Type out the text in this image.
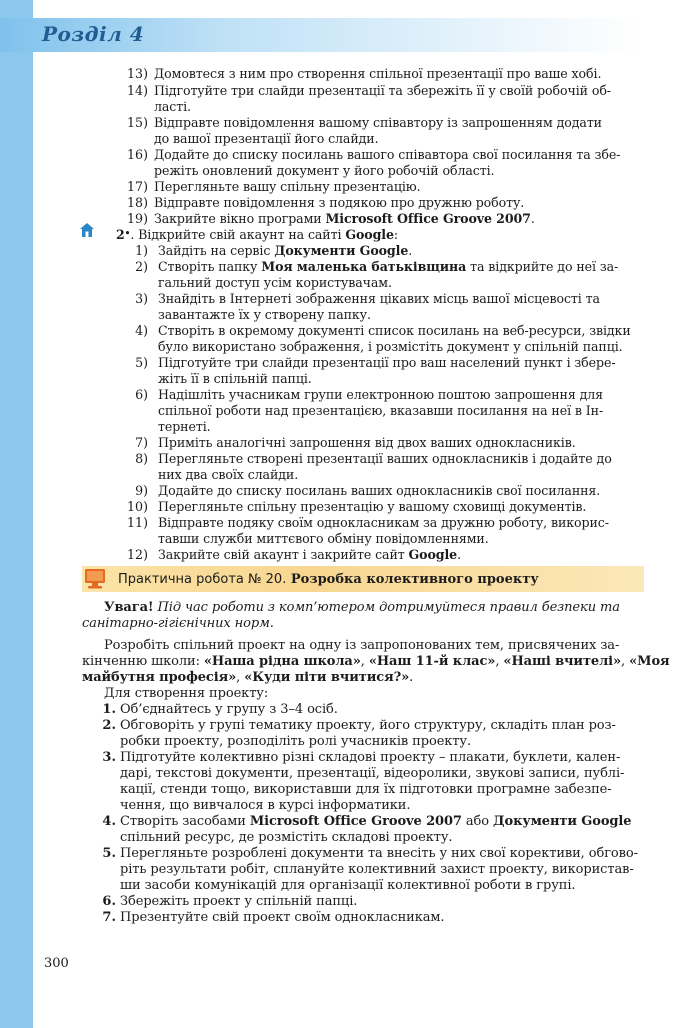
Розділ 4
13) Домовтеся з ним про створення спільної презентації про ваше хобі.
14) Підготуйте три слайди презентації та збережіть її у своїй робочій об-
ласті.
15) Відправте повідомлення вашому співавтору із запрошенням додати
до вашої презентації його слайди.
16) Додайте до списку посилань вашого співавтора свої посилання та збе-
режіть оновлений документ у його робочій області.
17) Перегляньте вашу спільну презентацію.
18) Відправте повідомлення з подякою про дружню роботу.
19) Закрийте вікно програми Microsoft Office Groove 2007.
2•. Відкрийте свій акаунт на сайті Google:
1) Зайдіть на сервіс Документи Google.
2) Створіть папку Моя маленька батьківщина та відкрийте до неї за-
гальний доступ усім користувачам.
3) Знайдіть в Інтернеті зображення цікавих місць вашої місцевості та
завантажте їх у створену папку.
4) Створіть в окремому документі список посилань на веб-ресурси, звідки
було використано зображення, і розмістіть документ у спільній папці.
5) Підготуйте три слайди презентації про ваш населений пункт і збере-
жіть її в спільній папці.
6) Надішліть учасникам групи електронною поштою запрошення для
спільної роботи над презентацією, вказавши посилання на неї в Ін-
тернеті.
7) Приміть аналогічні запрошення від двох ваших однокласників.
8) Перегляньте створені презентації ваших однокласників і додайте до
них два своїх слайди.
9) Додайте до списку посилань ваших однокласників свої посилання.
10) Перегляньте спільну презентацію у вашому сховищі документів.
11) Відправте подяку своїм однокласникам за дружню роботу, викорис-
тавши служби миттєвого обміну повідомленнями.
12) Закрийте свій акаунт і закрийте сайт Google.
Практична робота № 20. Розробка колективного проекту
Увага! Під час роботи з комп’ютером дотримуйтеся правил безпеки та
санітарно-гігієнічних норм.
Розробіть спільний проект на одну із запропонованих тем, присвячених за-
кінченню школи: «Наша рідна школа», «Наш 11-й клас», «Наші вчителі», «Моя
майбутня професія», «Куди піти вчитися?».
Для створення проекту:
1. Об’єднайтесь у групу з 3–4 осіб.
2. Обговоріть у групі тематику проекту, його структуру, складіть план роз-
робки проекту, розподіліть ролі учасників проекту.
3. Підготуйте колективно різні складові проекту – плакати, буклети, кален-
дарі, текстові документи, презентації, відеоролики, звукові записи, публі-
кації, стенди тощо, використавши для їх підготовки програмне забезпе-
чення, що вивчалося в курсі інформатики.
4. Створіть засобами Microsoft Office Groove 2007 або Документи Google
спільний ресурс, де розмістіть складові проекту.
5. Перегляньте розроблені документи та внесіть у них свої корективи, обгово-
ріть результати робіт, сплануйте колективний захист проекту, використав-
ши засоби комунікацій для організації колективної роботи в групі.
6. Збережіть проект у спільній папці.
7. Презентуйте свій проект своїм однокласникам.
300
